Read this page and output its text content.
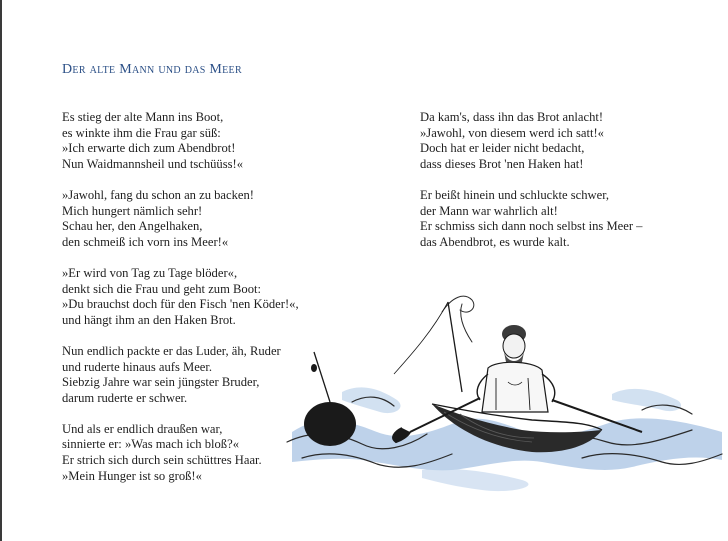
Der alte Mann und das Meer
Es stieg der alte Mann ins Boot,
es winkte ihm die Frau gar süß:
»Ich erwarte dich zum Abendbrot!
Nun Waidmannsheil und tschüüss!«
»Jawohl, fang du schon an zu backen!
Mich hungert nämlich sehr!
Schau her, den Angelhaken,
den schmeiß ich vorn ins Meer!«
»Er wird von Tag zu Tage blöder«,
denkt sich die Frau und geht zum Boot:
»Du brauchst doch für den Fisch 'nen Köder!«,
und hängt ihm an den Haken Brot.
Nun endlich packte er das Luder, äh, Ruder
und ruderte hinaus aufs Meer.
Siebzig Jahre war sein jüngster Bruder,
darum ruderte er schwer.
Und als er endlich draußen war,
sinnierte er: »Was mach ich bloß?«
Er strich sich durch sein schüttres Haar.
»Mein Hunger ist so groß!«
Da kam's, dass ihn das Brot anlacht!
»Jawohl, von diesem werd ich satt!«
Doch hat er leider nicht bedacht,
dass dieses Brot 'nen Haken hat!
Er beißt hinein und schluckte schwer,
der Mann war wahrlich alt!
Er schmiss sich dann noch selbst ins Meer –
das Abendbrot, es wurde kalt.
